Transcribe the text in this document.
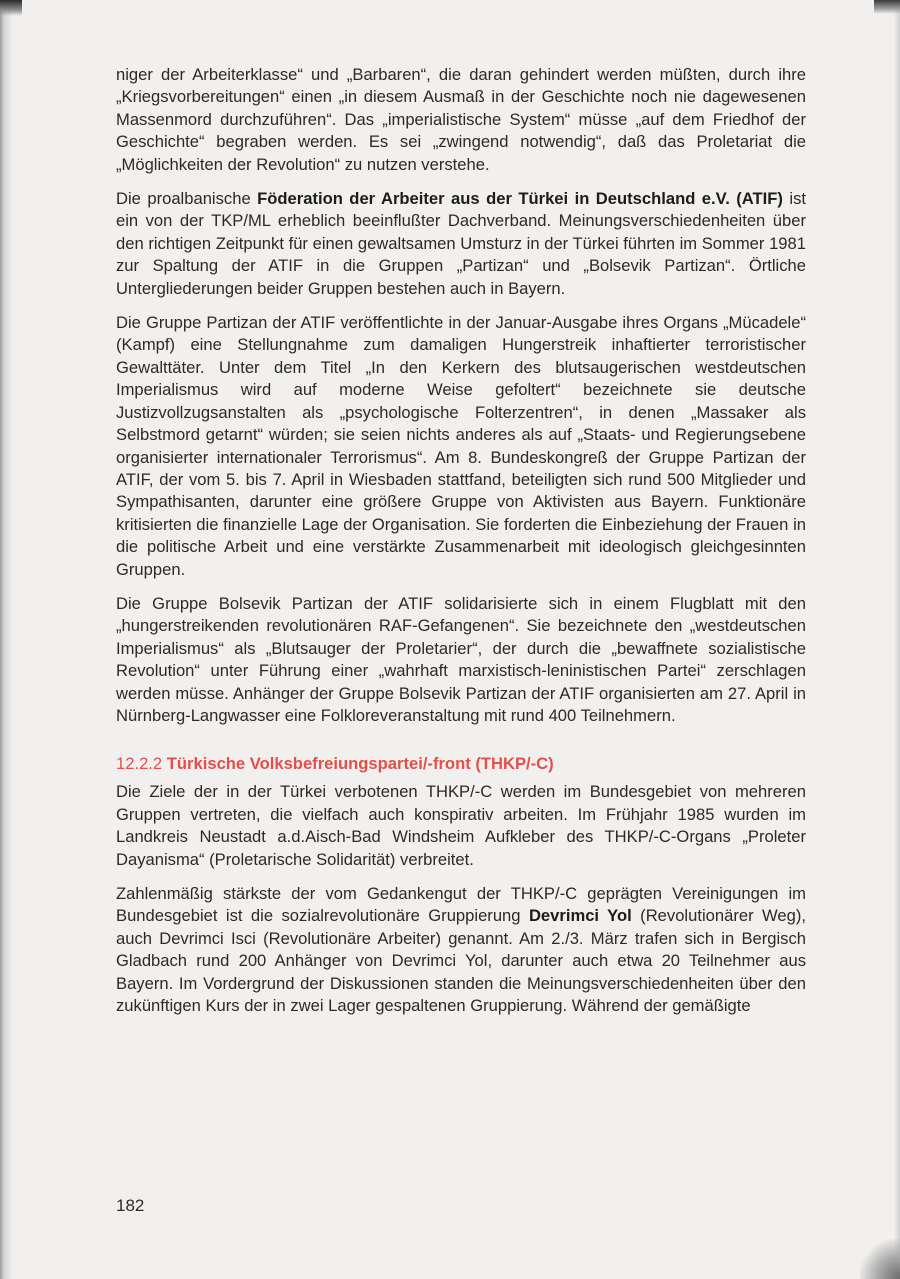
niger der Arbeiterklasse“ und „Barbaren“, die daran gehindert werden müßten, durch ihre „Kriegsvorbereitungen“ einen „in diesem Ausmaß in der Geschichte noch nie dagewesenen Massenmord durchzuführen“. Das „imperialistische System“ müsse „auf dem Friedhof der Geschichte“ begraben werden. Es sei „zwingend notwendig“, daß das Proletariat die „Möglichkeiten der Revolution“ zu nutzen verstehe.

Die proalbanische Föderation der Arbeiter aus der Türkei in Deutschland e.V. (ATIF) ist ein von der TKP/ML erheblich beeinflußter Dachverband. Meinungsverschiedenheiten über den richtigen Zeitpunkt für einen gewaltsamen Umsturz in der Türkei führten im Sommer 1981 zur Spaltung der ATIF in die Gruppen „Partizan“ und „Bolsevik Partizan“. Örtliche Untergliederungen beider Gruppen bestehen auch in Bayern.

Die Gruppe Partizan der ATIF veröffentlichte in der Januar-Ausgabe ihres Organs „Mücadele“ (Kampf) eine Stellungnahme zum damaligen Hungerstreik inhaftierter terroristischer Gewalttäter. Unter dem Titel „In den Kerkern des blutsaugerischen westdeutschen Imperialismus wird auf moderne Weise gefoltert“ bezeichnete sie deutsche Justizvollzugsanstalten als „psychologische Folterzentren“, in denen „Massaker als Selbstmord getarnt“ würden; sie seien nichts anderes als auf „Staats- und Regierungsebene organisierter internationaler Terrorismus“. Am 8. Bundeskongreß der Gruppe Partizan der ATIF, der vom 5. bis 7. April in Wiesbaden stattfand, beteiligten sich rund 500 Mitglieder und Sympathisanten, darunter eine größere Gruppe von Aktivisten aus Bayern. Funktionäre kritisierten die finanzielle Lage der Organisation. Sie forderten die Einbeziehung der Frauen in die politische Arbeit und eine verstärkte Zusammenarbeit mit ideologisch gleichgesinnten Gruppen.

Die Gruppe Bolsevik Partizan der ATIF solidarisierte sich in einem Flugblatt mit den „hungerstreikenden revolutionären RAF-Gefangenen“. Sie bezeichnete den „westdeutschen Imperialismus“ als „Blutsauger der Proletarier“, der durch die „bewaffnete sozialistische Revolution“ unter Führung einer „wahrhaft marxistisch-leninistischen Partei“ zerschlagen werden müsse. Anhänger der Gruppe Bolsevik Partizan der ATIF organisierten am 27. April in Nürnberg-Langwasser eine Folkloreveranstaltung mit rund 400 Teilnehmern.

12.2.2 Türkische Volksbefreiungspartei/-front (THKP/-C)

Die Ziele der in der Türkei verbotenen THKP/-C werden im Bundesgebiet von mehreren Gruppen vertreten, die vielfach auch konspirativ arbeiten. Im Frühjahr 1985 wurden im Landkreis Neustadt a.d.Aisch-Bad Windsheim Aufkleber des THKP/-C-Organs „Proleter Dayanisma“ (Proletarische Solidarität) verbreitet.

Zahlenmäßig stärkste der vom Gedankengut der THKP/-C geprägten Vereinigungen im Bundesgebiet ist die sozialrevolutionäre Gruppierung Devrimci Yol (Revolutionärer Weg), auch Devrimci Isci (Revolutionäre Arbeiter) genannt. Am 2./3. März trafen sich in Bergisch Gladbach rund 200 Anhänger von Devrimci Yol, darunter auch etwa 20 Teilnehmer aus Bayern. Im Vordergrund der Diskussionen standen die Meinungsverschiedenheiten über den zukünftigen Kurs der in zwei Lager gespaltenen Gruppierung. Während der gemäßigte

182
